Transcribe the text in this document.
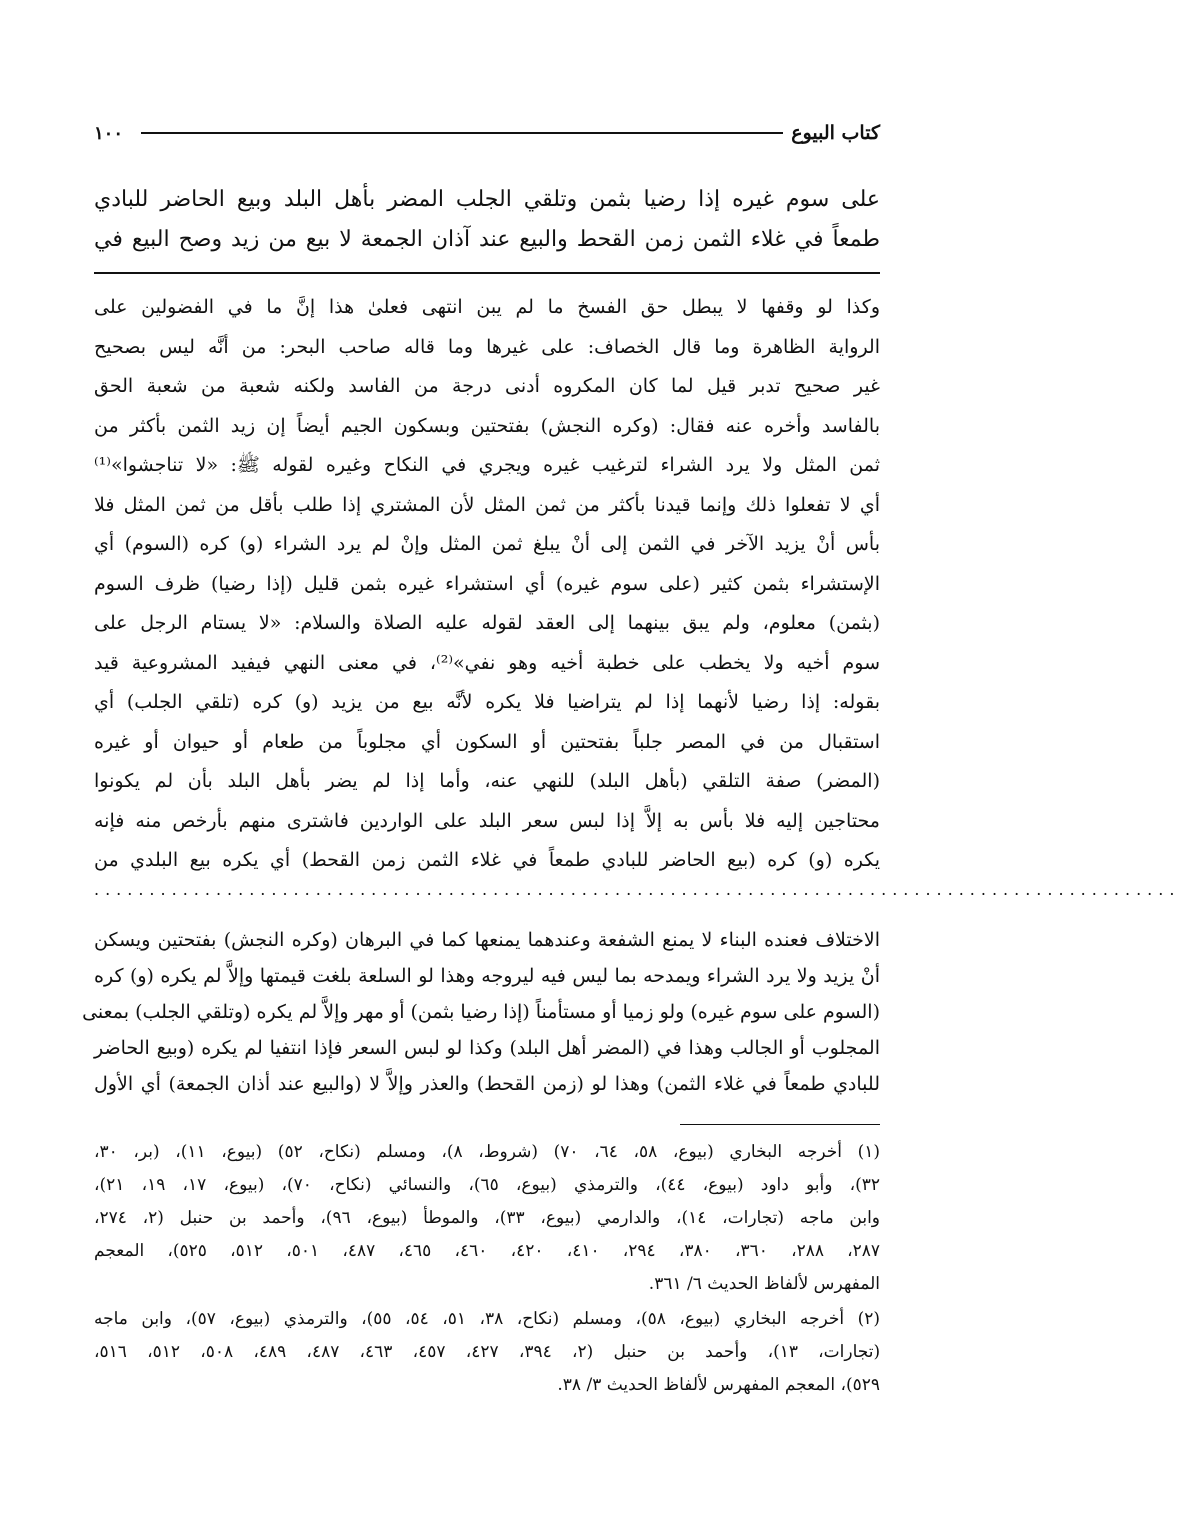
١٠٠	كتاب البيوع

على سوم غيره إذا رضيا بثمن وتلقي الجلب المضر بأهل البلد وبيع الحاضر للبادي

طمعاً في غلاء الثمن زمن القحط والبيع عند آذان الجمعة لا بيع من زيد وصح البيع في

وكذا لو وقفها لا يبطل حق الفسخ ما لم يبن انتهى فعلىٰ هذا إنَّ ما في الفضولين على

الرواية الظاهرة وما قال الخصاف: على غيرها وما قاله صاحب البحر: من أنَّه ليس بصحيح

غير صحيح تدبر قيل لما كان المكروه أدنى درجة من الفاسد ولكنه شعبة من شعبة الحق

بالفاسد وأخره عنه فقال: (وكره النجش) بفتحتين وبسكون الجيم أيضاً إن زيد الثمن بأكثر من

ثمن المثل ولا يرد الشراء لترغيب غيره ويجري في النكاح وغيره لقوله ﷺ: «لا تناجشوا»⁽¹⁾

أي لا تفعلوا ذلك وإنما قيدنا بأكثر من ثمن المثل لأن المشتري إذا طلب بأقل من ثمن المثل فلا

بأس أنْ يزيد الآخر في الثمن إلى أنْ يبلغ ثمن المثل وإنْ لم يرد الشراء (و) كره (السوم) أي

الإستشراء بثمن كثير (على سوم غيره) أي استشراء غيره بثمن قليل (إذا رضيا) ظرف السوم

(بثمن) معلوم، ولم يبق بينهما إلى العقد لقوله عليه الصلاة والسلام: «لا يستام الرجل على

سوم أخيه ولا يخطب على خطبة أخيه وهو نفي»⁽²⁾، في معنى النهي فيفيد المشروعية قيد

بقوله: إذا رضيا لأنهما إذا لم يتراضيا فلا يكره لأنَّه بيع من يزيد (و) كره (تلقي الجلب) أي

استقبال من في المصر جلباً بفتحتين أو السكون أي مجلوباً من طعام أو حيوان أو غيره

(المضر) صفة التلقي (بأهل البلد) للنهي عنه، وأما إذا لم يضر بأهل البلد بأن لم يكونوا

محتاجين إليه فلا بأس به إلاَّ إذا لبس سعر البلد على الواردين فاشترى منهم بأرخص منه فإنه

يكره (و) كره (بيع الحاضر للبادي طمعاً في غلاء الثمن زمن القحط) أي يكره بيع البلدي من

..................................................................................................

الاختلاف فعنده البناء لا يمنع الشفعة وعندهما يمنعها كما في البرهان (وكره النجش) بفتحتين ويسكن

أنْ يزيد ولا يرد الشراء ويمدحه بما ليس فيه ليروجه وهذا لو السلعة بلغت قيمتها وإلاَّ لم يكره (و) كره

(السوم على سوم غيره) ولو زميا أو مستأمناً (إذا رضيا بثمن) أو مهر وإلاَّ لم يكره (وتلقي الجلب) بمعنى

المجلوب أو الجالب وهذا في (المضر أهل البلد) وكذا لو لبس السعر فإذا انتفيا لم يكره (وبيع الحاضر

للبادي طمعاً في غلاء الثمن) وهذا لو (زمن القحط) والعذر وإلاَّ لا (والبيع عند أذان الجمعة) أي الأول

(١) أخرجه البخاري (بيوع، ٥٨، ٦٤، ٧٠) (شروط، ٨)، ومسلم (نكاح، ٥٢) (بيوع، ١١)، (بر، ٣٠،

٣٢)، وأبو داود (بيوع، ٤٤)، والترمذي (بيوع، ٦٥)، والنسائي (نكاح، ٧٠)، (بيوع، ١٧، ١٩، ٢١)،

وابن ماجه (تجارات، ١٤)، والدارمي (بيوع، ٣٣)، والموطأ (بيوع، ٩٦)، وأحمد بن حنبل (٢، ٢٧٤،

٢٨٧، ٢٨٨، ٣٦٠، ٣٨٠، ٢٩٤، ٤١٠، ٤٢٠، ٤٦٠، ٤٦٥، ٤٨٧، ٥٠١، ٥١٢، ٥٢٥)، المعجم

المفهرس لألفاظ الحديث ٦/ ٣٦١.

(٢) أخرجه البخاري (بيوع، ٥٨)، ومسلم (نكاح، ٣٨، ٥١، ٥٤، ٥٥)، والترمذي (بيوع، ٥٧)، وابن ماجه

(تجارات، ١٣)، وأحمد بن حنبل (٢، ٣٩٤، ٤٢٧، ٤٥٧، ٤٦٣، ٤٨٧، ٤٨٩، ٥٠٨، ٥١٢، ٥١٦،

٥٢٩)، المعجم المفهرس لألفاظ الحديث ٣/ ٣٨.
